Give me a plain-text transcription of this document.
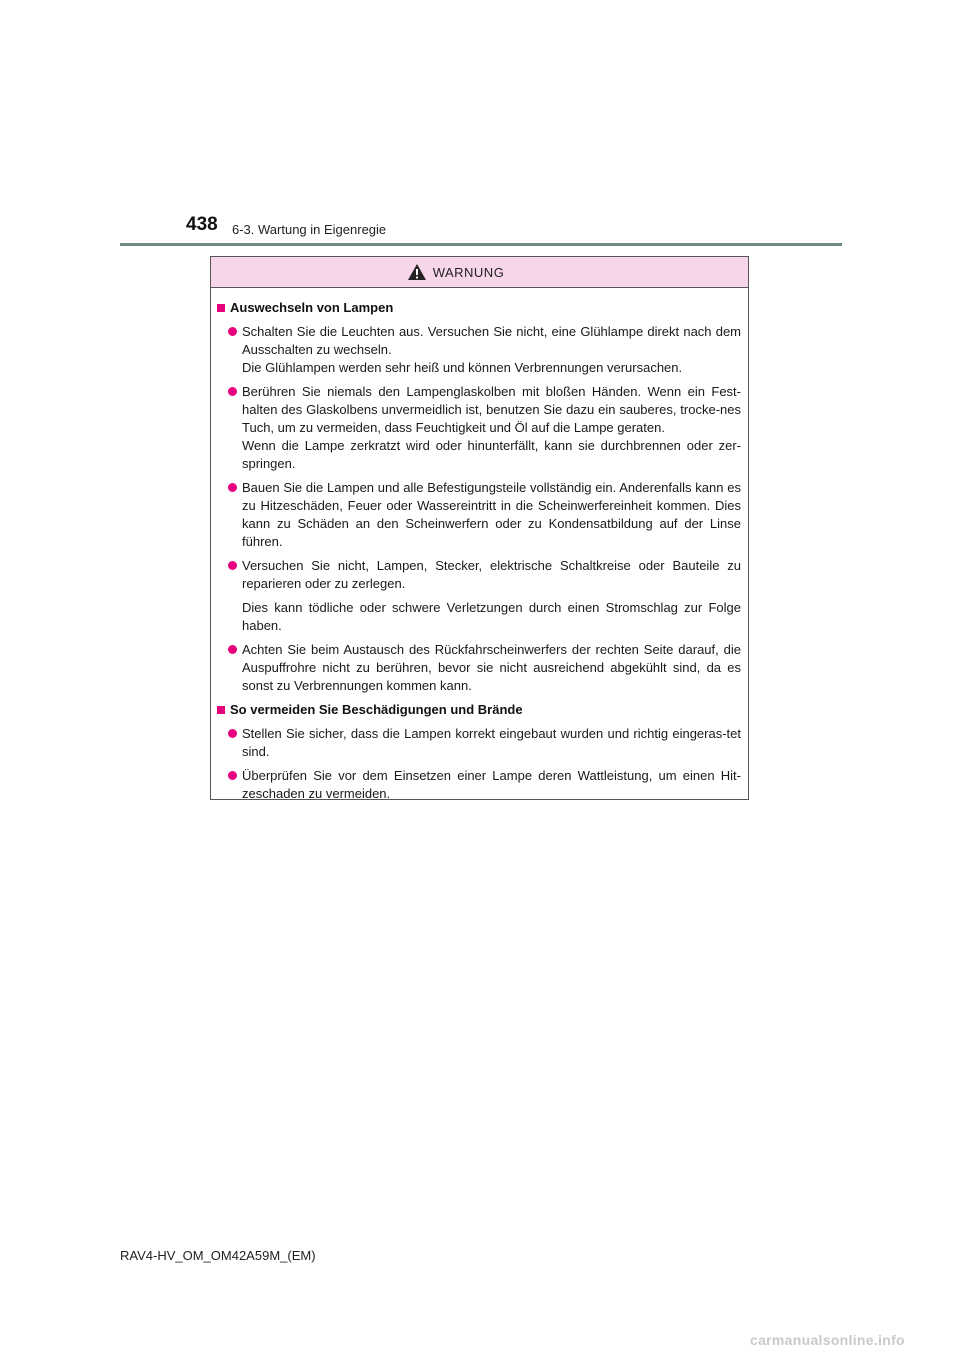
438 6-3. Wartung in Eigenregie
WARNUNG
Auswechseln von Lampen

Schalten Sie die Leuchten aus. Versuchen Sie nicht, eine Glühlampe direkt nach dem Ausschalten zu wechseln.

Die Glühlampen werden sehr heiß und können Verbrennungen verursachen.

Berühren Sie niemals den Lampenglaskolben mit bloßen Händen. Wenn ein Fest-halten des Glaskolbens unvermeidlich ist, benutzen Sie dazu ein sauberes, trocke-nes Tuch, um zu vermeiden, dass Feuchtigkeit und Öl auf die Lampe geraten.

Wenn die Lampe zerkratzt wird oder hinunterfällt, kann sie durchbrennen oder zer-springen.

Bauen Sie die Lampen und alle Befestigungsteile vollständig ein. Anderenfalls kann es zu Hitzeschäden, Feuer oder Wassereintritt in die Scheinwerfereinheit kommen. Dies kann zu Schäden an den Scheinwerfern oder zu Kondensatbildung auf der Linse führen.

Versuchen Sie nicht, Lampen, Stecker, elektrische Schaltkreise oder Bauteile zu reparieren oder zu zerlegen.

Dies kann tödliche oder schwere Verletzungen durch einen Stromschlag zur Folge haben.

Achten Sie beim Austausch des Rückfahrscheinwerfers der rechten Seite darauf, die Auspuffrohre nicht zu berühren, bevor sie nicht ausreichend abgekühlt sind, da es sonst zu Verbrennungen kommen kann.

So vermeiden Sie Beschädigungen und Brände

Stellen Sie sicher, dass die Lampen korrekt eingebaut wurden und richtig eingeras-tet sind.

Überprüfen Sie vor dem Einsetzen einer Lampe deren Wattleistung, um einen Hit-zeschaden zu vermeiden.

RAV4-HV_OM_OM42A59M_(EM)
carmanualsonline.info
